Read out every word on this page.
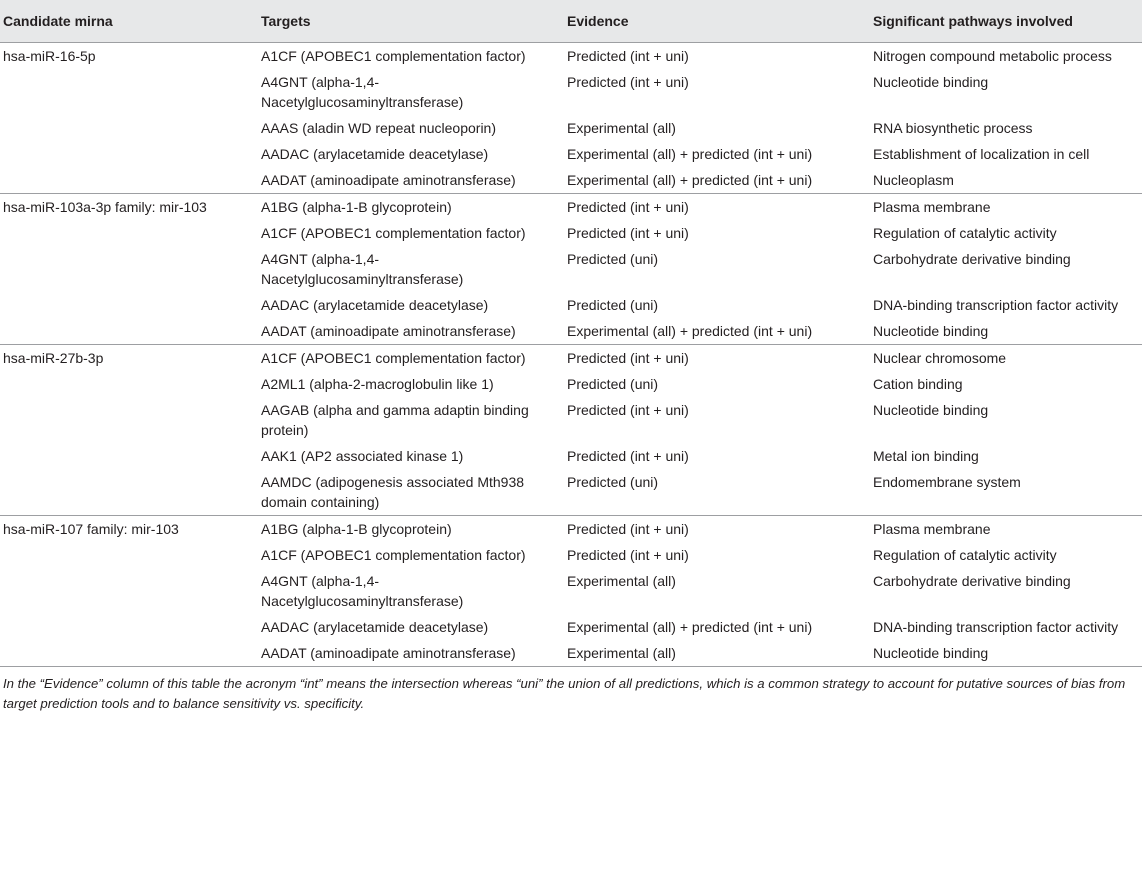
Candidate mirna	Targets	Evidence	Significant pathways involved
hsa-miR-16-5p	A1CF (APOBEC1 complementation factor)	Predicted (int + uni)	Nitrogen compound metabolic process
	A4GNT (alpha-1,4-Nacetylglucosaminyltransferase)	Predicted (int + uni)	Nucleotide binding
	AAAS (aladin WD repeat nucleoporin)	Experimental (all)	RNA biosynthetic process
	AADAC (arylacetamide deacetylase)	Experimental (all) + predicted (int + uni)	Establishment of localization in cell
	AADAT (aminoadipate aminotransferase)	Experimental (all) + predicted (int + uni)	Nucleoplasm
hsa-miR-103a-3p family: mir-103	A1BG (alpha-1-B glycoprotein)	Predicted (int + uni)	Plasma membrane
	A1CF (APOBEC1 complementation factor)	Predicted (int + uni)	Regulation of catalytic activity
	A4GNT (alpha-1,4-Nacetylglucosaminyltransferase)	Predicted (uni)	Carbohydrate derivative binding
	AADAC (arylacetamide deacetylase)	Predicted (uni)	DNA-binding transcription factor activity
	AADAT (aminoadipate aminotransferase)	Experimental (all) + predicted (int + uni)	Nucleotide binding
hsa-miR-27b-3p	A1CF (APOBEC1 complementation factor)	Predicted (int + uni)	Nuclear chromosome
	A2ML1 (alpha-2-macroglobulin like 1)	Predicted (uni)	Cation binding
	AAGAB (alpha and gamma adaptin binding protein)	Predicted (int + uni)	Nucleotide binding
	AAK1 (AP2 associated kinase 1)	Predicted (int + uni)	Metal ion binding
	AAMDC (adipogenesis associated Mth938 domain containing)	Predicted (uni)	Endomembrane system
hsa-miR-107 family: mir-103	A1BG (alpha-1-B glycoprotein)	Predicted (int + uni)	Plasma membrane
	A1CF (APOBEC1 complementation factor)	Predicted (int + uni)	Regulation of catalytic activity
	A4GNT (alpha-1,4-Nacetylglucosaminyltransferase)	Experimental (all)	Carbohydrate derivative binding
	AADAC (arylacetamide deacetylase)	Experimental (all) + predicted (int + uni)	DNA-binding transcription factor activity
	AADAT (aminoadipate aminotransferase)	Experimental (all)	Nucleotide binding
In the “Evidence” column of this table the acronym “int” means the intersection whereas “uni” the union of all predictions, which is a common strategy to account for putative sources of bias from target prediction tools and to balance sensitivity vs. specificity.
